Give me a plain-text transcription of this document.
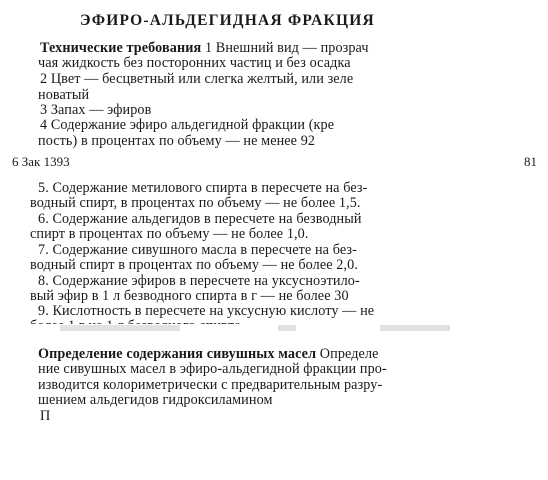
ЭФИРО-АЛЬДЕГИДНАЯ ФРАКЦИЯ
Технические требования 1 Внешний вид — прозрач
чая жидкость без посторонних частиц и без осадка
2 Цвет — бесцветный или слегка желтый, или зеле
новатый
3 Запах — эфиров
4 Содержание эфиро альдегидной фракции (кре
пость) в процентах по объему — не менее 92
6 Зак 1393	81
5. Содержание метилового спирта в пересчете на без-
водный спирт, в процентах по объему — не более 1,5.
6. Содержание альдегидов в пересчете на безводный
спирт в процентах по объему — не более 1,0.
7. Содержание сивушного масла в пересчете на без-
водный спирт в процентах по объему — не более 2,0.
8. Содержание эфиров в пересчете на уксусноэтило-
вый эфир в 1 л безводного спирта в г — не более 30
9. Кислотность в пересчете на уксусную кислоту — не
Определение содержания сивушных масел Определе
ние сивушных масел в эфиро-альдегидной фракции про-
изводится колориметрически с предварительным разру-
шением альдегидов гидроксиламином
П
